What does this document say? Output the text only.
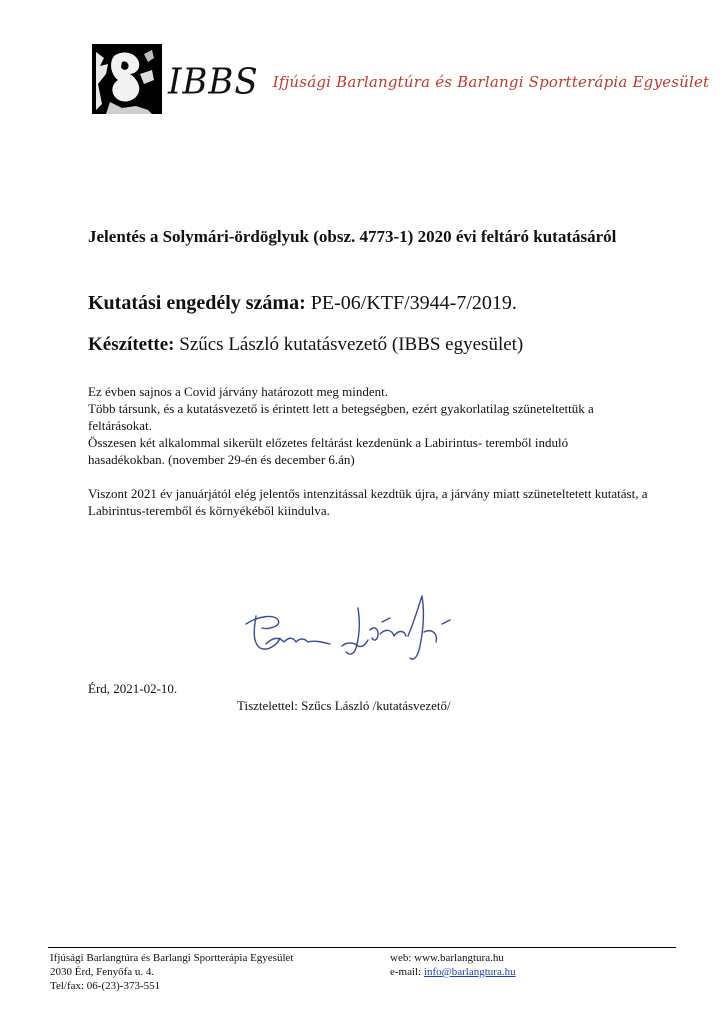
IBBS Ifjúsági Barlangtúra és Barlangi Sportterápia Egyesület
Jelentés a Solymári-ördöglyuk (obsz. 4773-1) 2020 évi feltáró kutatásáról
Kutatási engedély száma: PE-06/KTF/3944-7/2019.
Készítette: Szűcs László kutatásvezető (IBBS egyesület)
Ez évben sajnos a Covid járvány határozott meg mindent.
Több társunk, és a kutatásvezető is érintett lett a betegségben, ezért gyakorlatilag szüneteltettük a feltárásokat.
Összesen két alkalommal sikerült előzetes feltárást kezdenünk a Labirintus- teremből induló hasadékokban. (november 29-én és december 6.án)
Viszont 2021 év januárjától elég jelentős intenzitással kezdtük újra, a járvány miatt szüneteltetett kutatást, a Labirintus-teremből és környékéből kiindulva.
Érd, 2021-02-10.
Tisztelettel: Szűcs László /kutatásvezető/
Ifjúsági Barlangtúra és Barlangi Sportterápia Egyesület
2030 Érd, Fenyőfa u. 4.
Tel/fax: 06-(23)-373-551
web: www.barlangtura.hu
e-mail: info@barlangtura.hu
